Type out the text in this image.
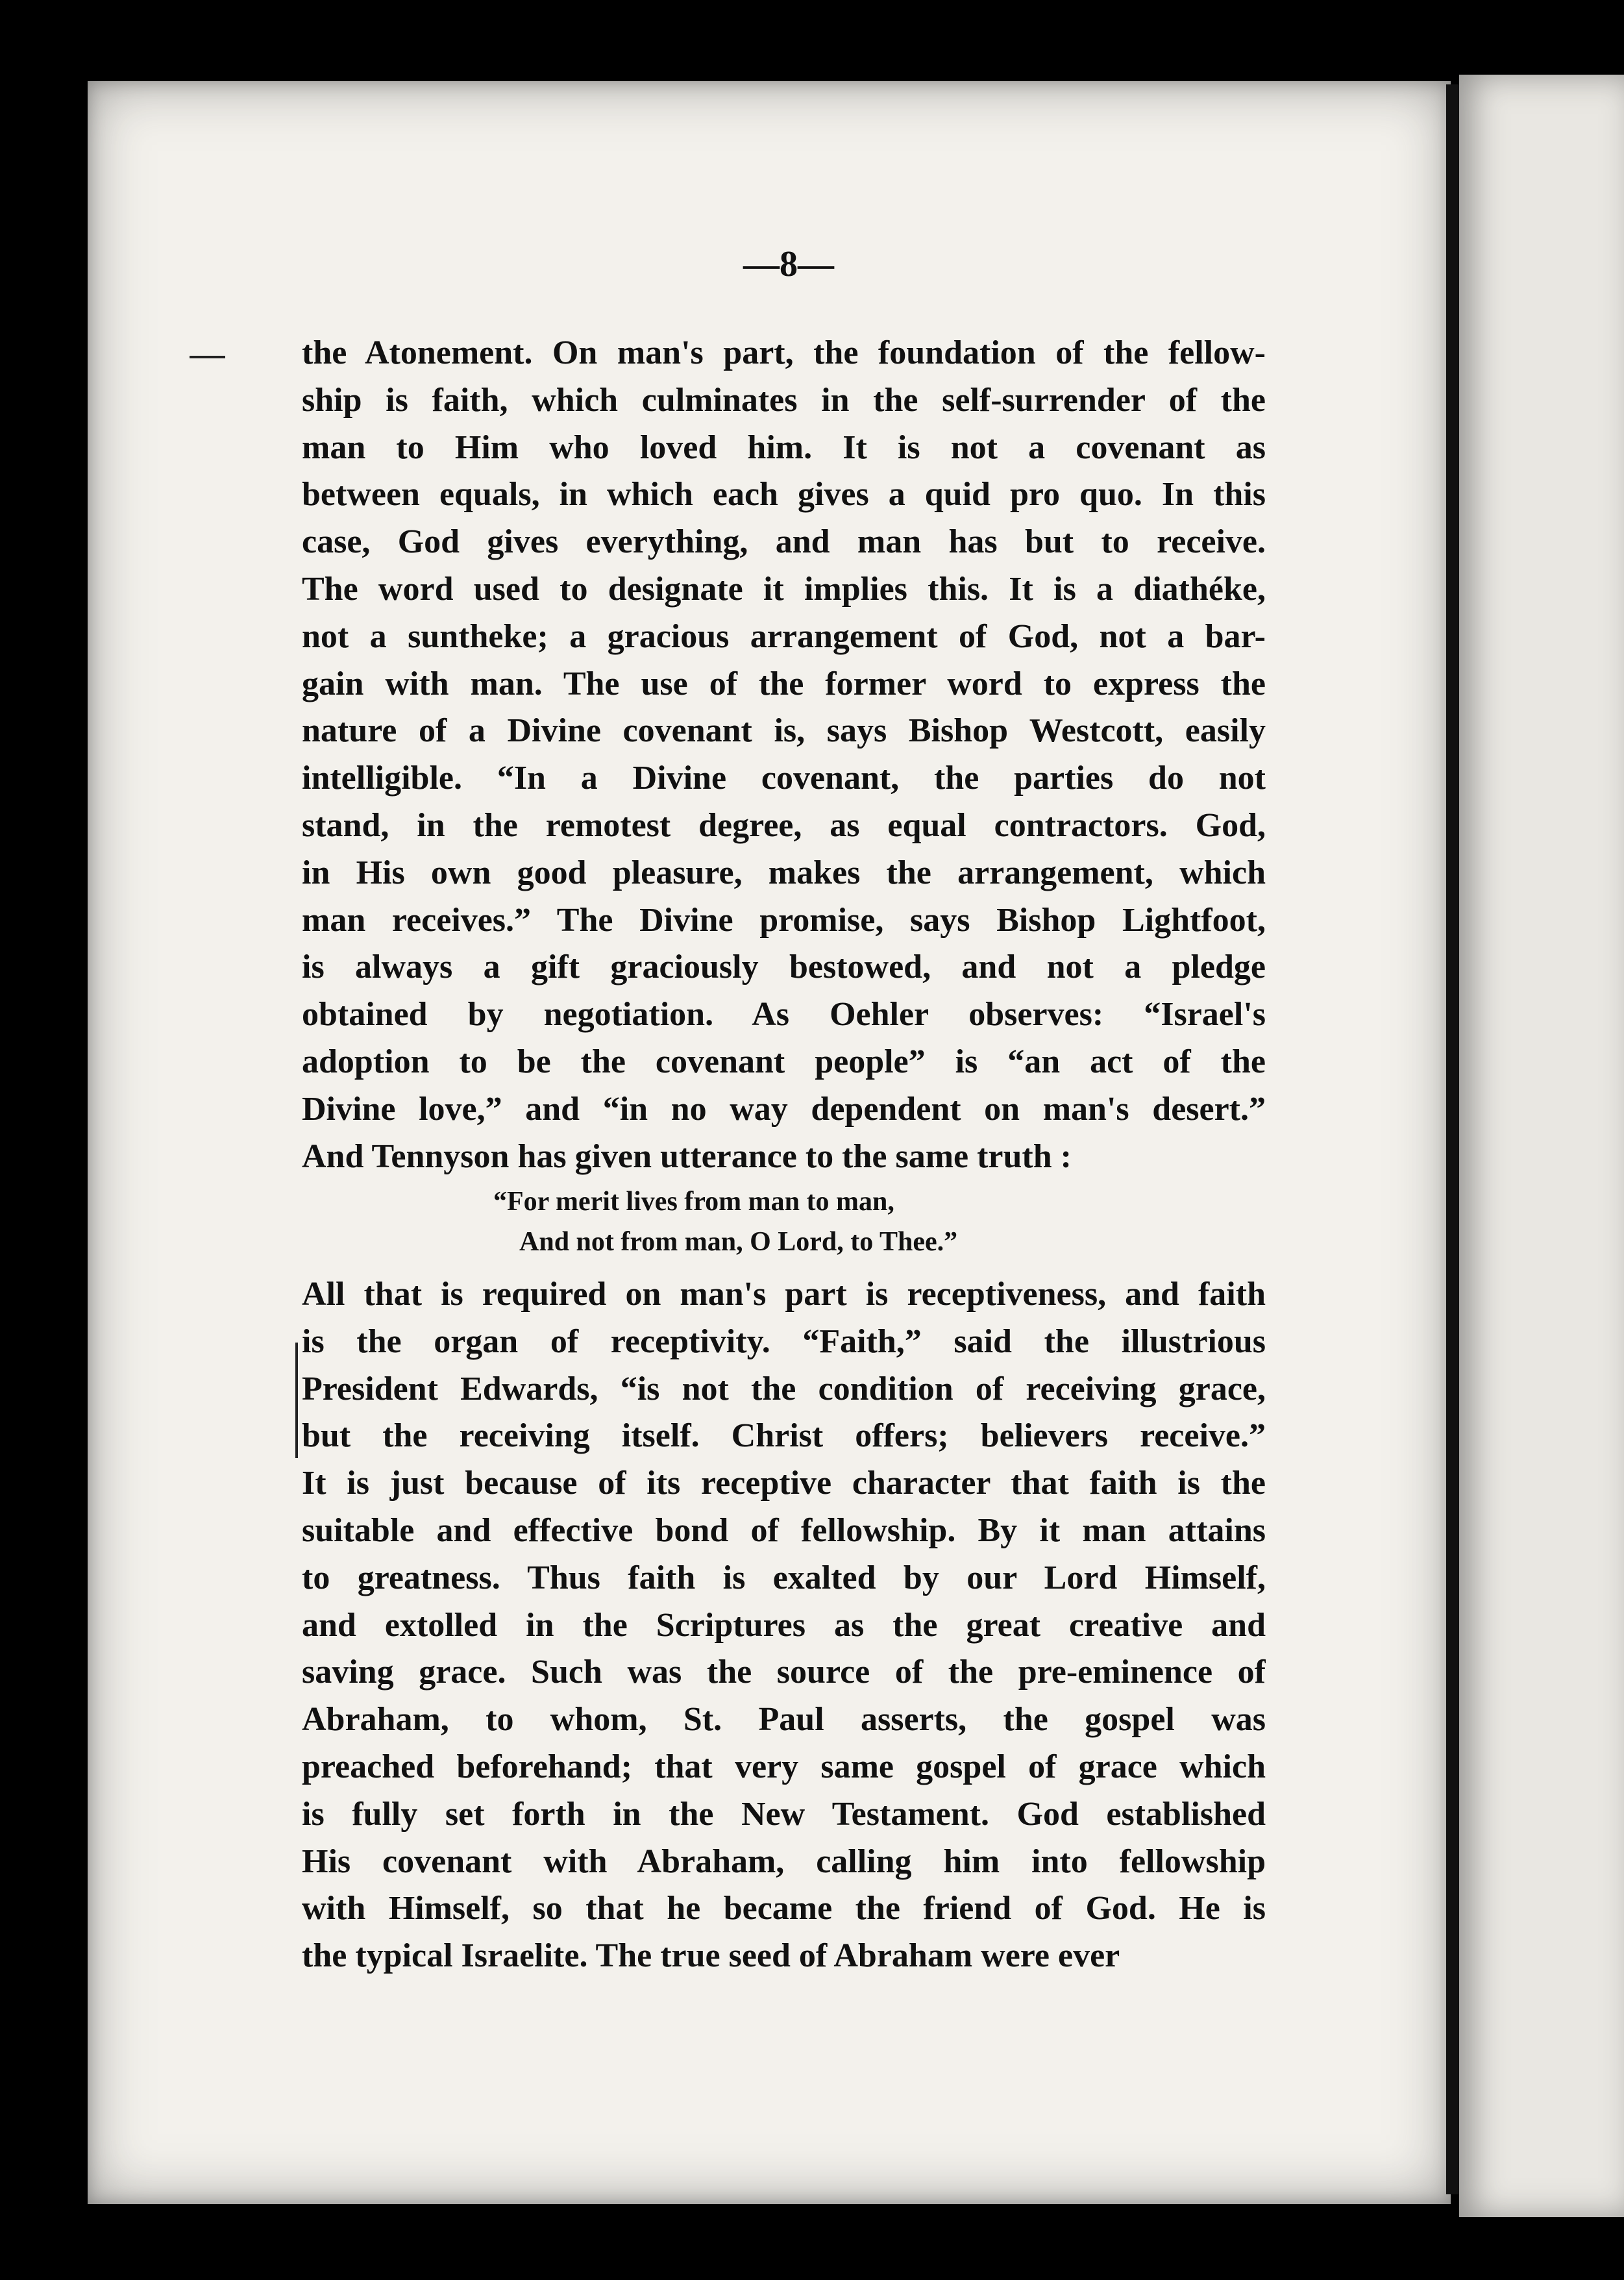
—8—
the Atonement. On man's part, the foundation of the fellow-
ship is faith, which culminates in the self-surrender of the
man to Him who loved him. It is not a covenant as
between equals, in which each gives a quid pro quo. In this
case, God gives everything, and man has but to receive.
The word used to designate it implies this. It is a diathéke,
not a suntheke; a gracious arrangement of God, not a bar-
gain with man. The use of the former word to express the
nature of a Divine covenant is, says Bishop Westcott, easily
intelligible. “In a Divine covenant, the parties do not
stand, in the remotest degree, as equal contractors. God,
in His own good pleasure, makes the arrangement, which
man receives.” The Divine promise, says Bishop Lightfoot,
is always a gift graciously bestowed, and not a pledge
obtained by negotiation. As Oehler observes: “Israel's
adoption to be the covenant people” is “an act of the
Divine love,” and “in no way dependent on man's desert.”
And Tennyson has given utterance to the same truth :
“For merit lives from man to man,
And not from man, O Lord, to Thee.”
All that is required on man's part is receptiveness, and faith
is the organ of receptivity. “Faith,” said the illustrious
President Edwards, “is not the condition of receiving grace,
but the receiving itself. Christ offers; believers receive.”
It is just because of its receptive character that faith is the
suitable and effective bond of fellowship. By it man attains
to greatness. Thus faith is exalted by our Lord Himself,
and extolled in the Scriptures as the great creative and
saving grace. Such was the source of the pre-eminence of
Abraham, to whom, St. Paul asserts, the gospel was
preached beforehand; that very same gospel of grace which
is fully set forth in the New Testament. God established
His covenant with Abraham, calling him into fellowship
with Himself, so that he became the friend of God. He is
the typical Israelite. The true seed of Abraham were ever
